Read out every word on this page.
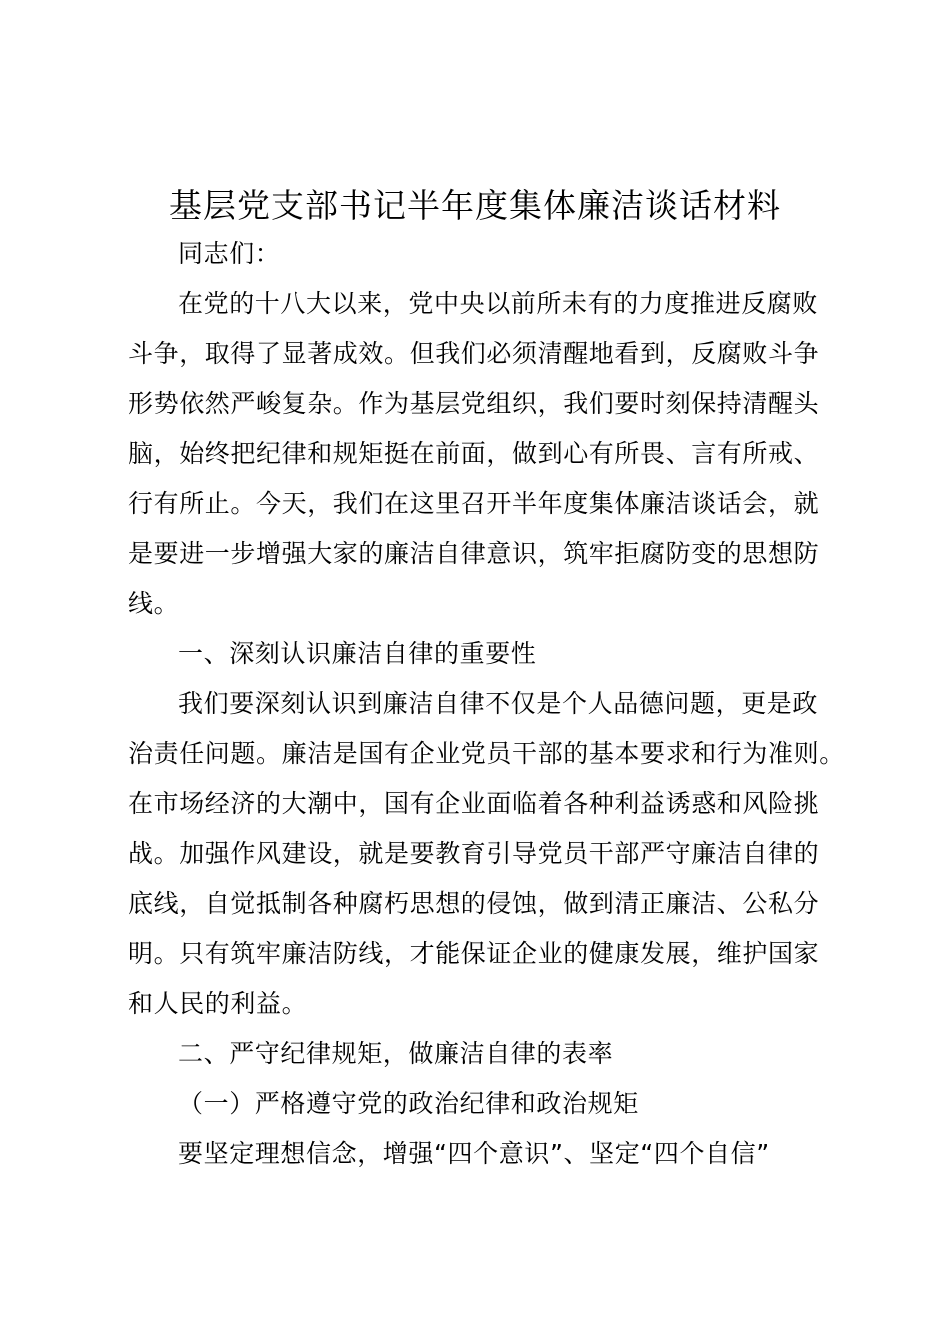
基层党支部书记半年度集体廉洁谈话材料
同志们：
在党的十八大以来，党中央以前所未有的力度推进反腐败
斗争，取得了显著成效。但我们必须清醒地看到，反腐败斗争
形势依然严峻复杂。作为基层党组织，我们要时刻保持清醒头
脑，始终把纪律和规矩挺在前面，做到心有所畏、言有所戒、
行有所止。今天，我们在这里召开半年度集体廉洁谈话会，就
是要进一步增强大家的廉洁自律意识，筑牢拒腐防变的思想防
线。
一、深刻认识廉洁自律的重要性
我们要深刻认识到廉洁自律不仅是个人品德问题，更是政
治责任问题。廉洁是国有企业党员干部的基本要求和行为准则。
在市场经济的大潮中，国有企业面临着各种利益诱惑和风险挑
战。加强作风建设，就是要教育引导党员干部严守廉洁自律的
底线，自觉抵制各种腐朽思想的侵蚀，做到清正廉洁、公私分
明。只有筑牢廉洁防线，才能保证企业的健康发展，维护国家
和人民的利益。
二、严守纪律规矩，做廉洁自律的表率
（一）严格遵守党的政治纪律和政治规矩
要坚定理想信念，增强“四个意识”、坚定“四个自信”
